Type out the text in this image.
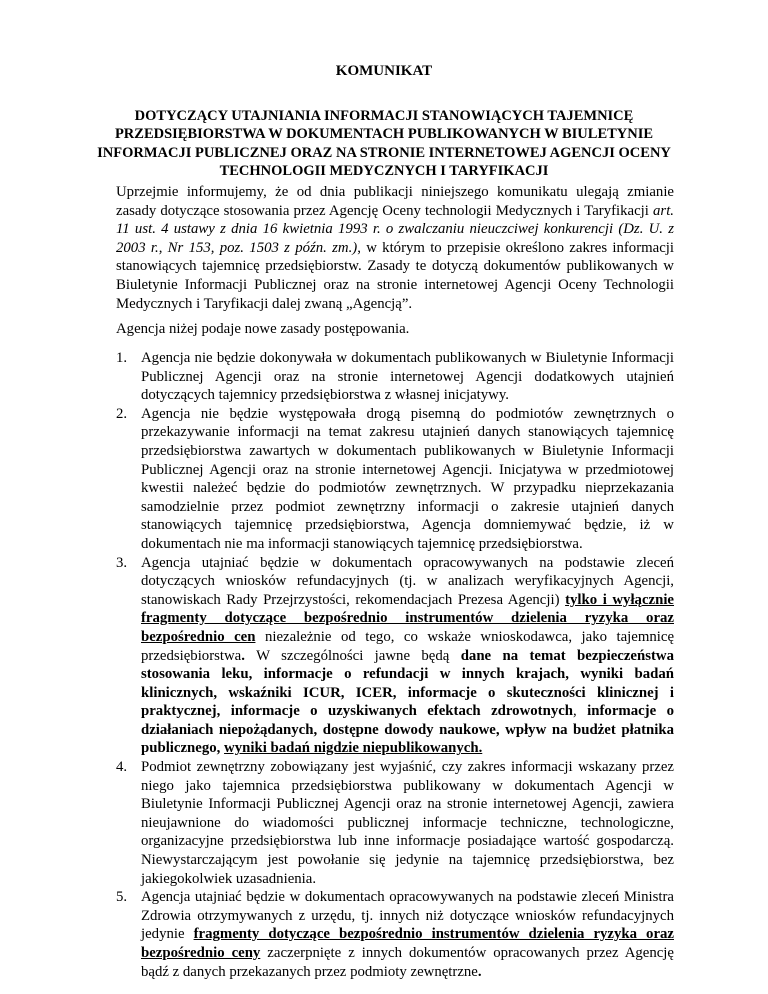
KOMUNIKAT
DOTYCZĄCY UTAJNIANIA INFORMACJI STANOWIĄCYCH TAJEMNICĘ PRZEDSIĘBIORSTWA W DOKUMENTACH PUBLIKOWANYCH W BIULETYNIE INFORMACJI PUBLICZNEJ ORAZ NA STRONIE INTERNETOWEJ AGENCJI OCENY TECHNOLOGII MEDYCZNYCH I TARYFIKACJI

Uprzejmie informujemy, że od dnia publikacji niniejszego komunikatu ulegają zmianie zasady dotyczące stosowania przez Agencję Oceny technologii Medycznych i Taryfikacji art. 11 ust. 4 ustawy z dnia 16 kwietnia 1993 r. o zwalczaniu nieuczciwej konkurencji (Dz. U. z 2003 r., Nr 153, poz. 1503 z późn. zm.), w którym to przepisie określono zakres informacji stanowiących tajemnicę przedsiębiorstw. Zasady te dotyczą dokumentów publikowanych w Biuletynie Informacji Publicznej oraz na stronie internetowej Agencji Oceny Technologii Medycznych i Taryfikacji dalej zwaną „Agencją”.

Agencja niżej podaje nowe zasady postępowania.

1. Agencja nie będzie dokonywała w dokumentach publikowanych w Biuletynie Informacji Publicznej Agencji oraz na stronie internetowej Agencji dodatkowych utajnień dotyczących tajemnicy przedsiębiorstwa z własnej inicjatywy.
2. Agencja nie będzie występowała drogą pisemną do podmiotów zewnętrznych o przekazywanie informacji na temat zakresu utajnień danych stanowiących tajemnicę przedsiębiorstwa zawartych w dokumentach publikowanych w Biuletynie Informacji Publicznej Agencji oraz na stronie internetowej Agencji. Inicjatywa w przedmiotowej kwestii należeć będzie do podmiotów zewnętrznych. W przypadku nieprzekazania samodzielnie przez podmiot zewnętrzny informacji o zakresie utajnień danych stanowiących tajemnicę przedsiębiorstwa, Agencja domniemywać będzie, iż w dokumentach nie ma informacji stanowiących tajemnicę przedsiębiorstwa.
3. Agencja utajniać będzie w dokumentach opracowywanych na podstawie zleceń dotyczących wniosków refundacyjnych (tj. w analizach weryfikacyjnych Agencji, stanowiskach Rady Przejrzystości, rekomendacjach Prezesa Agencji) tylko i wyłącznie fragmenty dotyczące bezpośrednio instrumentów dzielenia ryzyka oraz bezpośrednio cen niezależnie od tego, co wskaże wnioskodawca, jako tajemnicę przedsiębiorstwa. W szczególności jawne będą dane na temat bezpieczeństwa stosowania leku, informacje o refundacji w innych krajach, wyniki badań klinicznych, wskaźniki ICUR, ICER, informacje o skuteczności klinicznej i praktycznej, informacje o uzyskiwanych efektach zdrowotnych, informacje o działaniach niepożądanych, dostępne dowody naukowe, wpływ na budżet płatnika publicznego, wyniki badań nigdzie niepublikowanych.
4. Podmiot zewnętrzny zobowiązany jest wyjaśnić, czy zakres informacji wskazany przez niego jako tajemnica przedsiębiorstwa publikowany w dokumentach Agencji w Biuletynie Informacji Publicznej Agencji oraz na stronie internetowej Agencji, zawiera nieujawnione do wiadomości publicznej informacje techniczne, technologiczne, organizacyjne przedsiębiorstwa lub inne informacje posiadające wartość gospodarczą. Niewystarczającym jest powołanie się jedynie na tajemnicę przedsiębiorstwa, bez jakiegokolwiek uzasadnienia.
5. Agencja utajniać będzie w dokumentach opracowywanych na podstawie zleceń Ministra Zdrowia otrzymywanych z urzędu, tj. innych niż dotyczące wniosków refundacyjnych jedynie fragmenty dotyczące bezpośrednio instrumentów dzielenia ryzyka oraz bezpośrednio ceny zaczerpnięte z innych dokumentów opracowanych przez Agencję bądź z danych przekazanych przez podmioty zewnętrzne.
